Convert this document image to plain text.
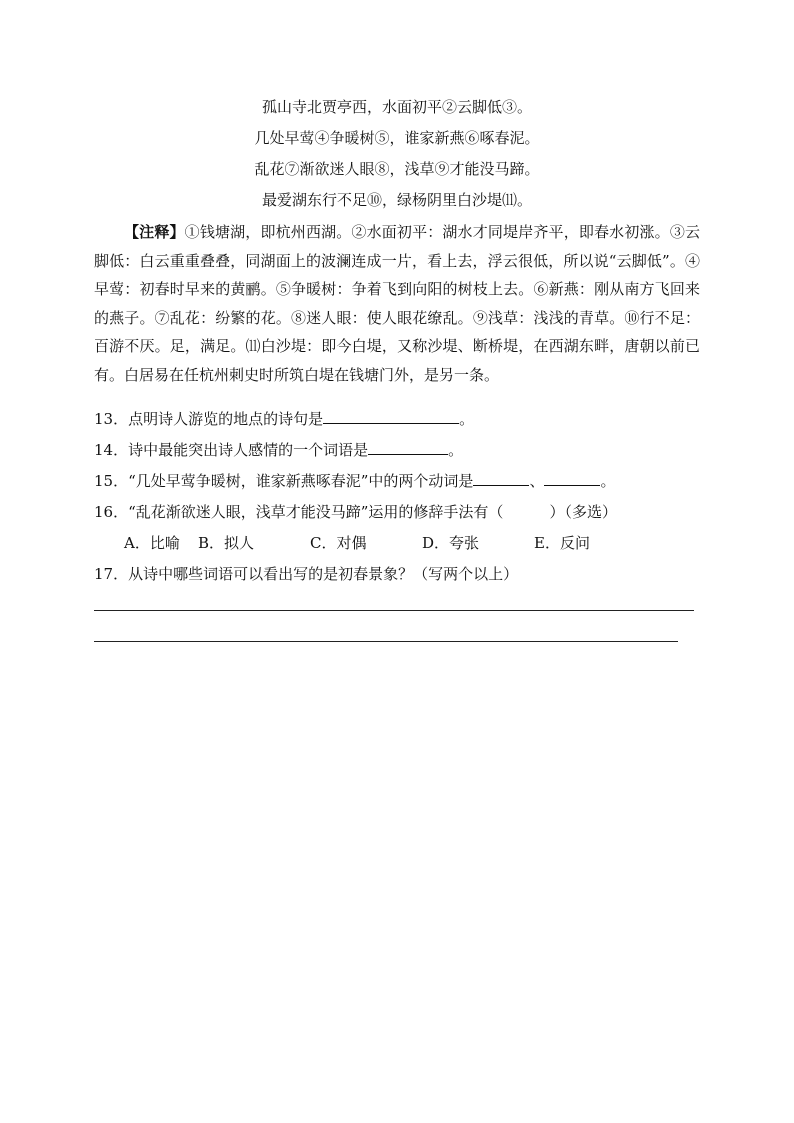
孤山寺北贾亭西，水面初平②云脚低③。
几处早莺④争暖树⑤，谁家新燕⑥啄春泥。
乱花⑦渐欲迷人眼⑧，浅草⑨才能没马蹄。
最爱湖东行不足⑩，绿杨阴里白沙堤⑾。
【注释】①钱塘湖，即杭州西湖。②水面初平：湖水才同堤岸齐平，即春水初涨。③云脚低：白云重重叠叠，同湖面上的波澜连成一片，看上去，浮云很低，所以说“云脚低”。④早莺：初春时早来的黄鹂。⑤争暖树：争着飞到向阳的树枝上去。⑥新燕：刚从南方飞回来的燕子。⑦乱花：纷繁的花。⑧迷人眼：使人眼花缭乱。⑨浅草：浅浅的青草。⑩行不足：百游不厌。足，满足。⑾白沙堤：即今白堤，又称沙堤、断桥堤，在西湖东畔，唐朝以前已有。白居易在任杭州刺史时所筑白堤在钱塘门外，是另一条。
13．点明诗人游览的地点的诗句是	。
14．诗中最能突出诗人感情的一个词语是	。
15．“几处早莺争暖树，谁家新燕啄春泥”中的两个动词是	、	。
16．“乱花渐欲迷人眼，浅草才能没马蹄”运用的修辞手法有（	）（多选）
A．比喻 B．拟人	C．对偶	D．夸张	E．反问
17．从诗中哪些词语可以看出写的是初春景象？（写两个以上）
